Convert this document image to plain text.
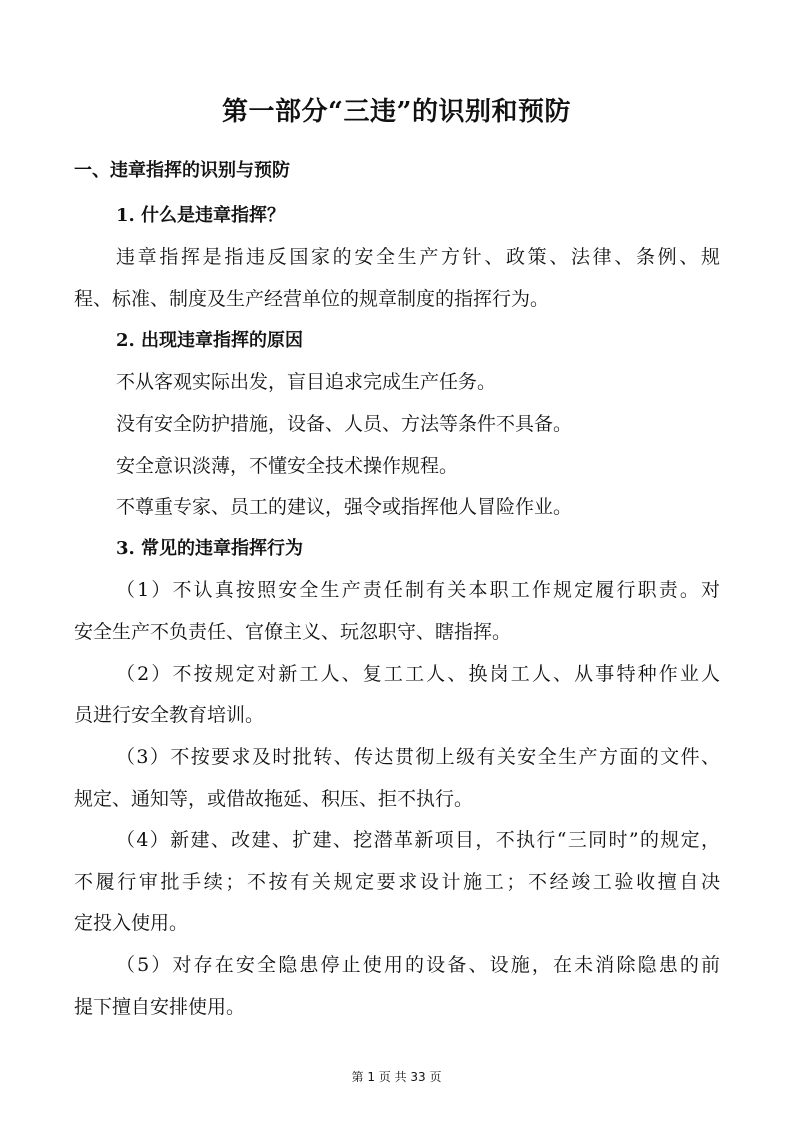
第一部分“三违”的识别和预防
一、违章指挥的识别与预防
1. 什么是违章指挥？
违章指挥是指违反国家的安全生产方针、政策、法律、条例、规
程、标准、制度及生产经营单位的规章制度的指挥行为。
2. 出现违章指挥的原因
不从客观实际出发，盲目追求完成生产任务。
没有安全防护措施，设备、人员、方法等条件不具备。
安全意识淡薄，不懂安全技术操作规程。
不尊重专家、员工的建议，强令或指挥他人冒险作业。
3. 常见的违章指挥行为
（1）不认真按照安全生产责任制有关本职工作规定履行职责。对
安全生产不负责任、官僚主义、玩忽职守、瞎指挥。
（2）不按规定对新工人、复工工人、换岗工人、从事特种作业人
员进行安全教育培训。
（3）不按要求及时批转、传达贯彻上级有关安全生产方面的文件、
规定、通知等，或借故拖延、积压、拒不执行。
（4）新建、改建、扩建、挖潜革新项目，不执行“三同时”的规定，
不履行审批手续；不按有关规定要求设计施工；不经竣工验收擅自决
定投入使用。
（5）对存在安全隐患停止使用的设备、设施，在未消除隐患的前
提下擅自安排使用。
第 1 页 共 33 页
